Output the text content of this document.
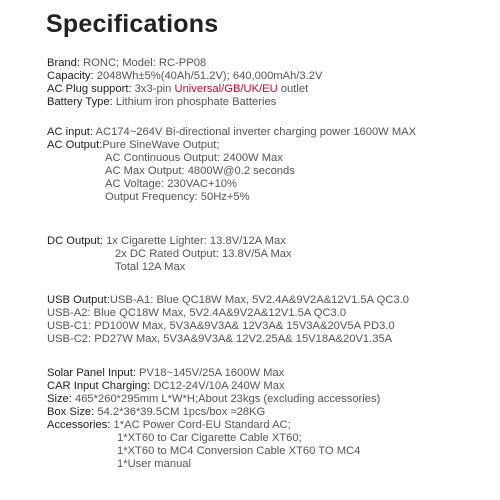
Specifications
Brand: RONC; Model: RC-PP08
Capacity: 2048Wh±5%(40Ah/51.2V); 640,000mAh/3.2V
AC Plug support: 3x3-pin Universal/GB/UK/EU outlet
Battery Type: Lithium iron phosphate Batteries
AC input: AC174~264V Bi-directional inverter charging power 1600W MAX
AC Output:Pure SineWave Output;
AC Continuous Output: 2400W Max
AC Max Output: 4800W@0.2 seconds
AC Voltage: 230VAC+10%
Output Frequency: 50Hz+5%
DC Output: 1x Cigarette Lighter: 13.8V/12A Max
2x DC Rated Output: 13.8V/5A Max
Total 12A Max
USB Output:USB-A1: Blue QC18W Max, 5V2.4A&9V2A&12V1.5A QC3.0
USB-A2: Blue QC18W Max, 5V2.4A&9V2A&12V1.5A QC3.0
USB-C1: PD100W Max, 5V3A&9V3A& 12V3A& 15V3A&20V5A PD3.0
USB-C2: PD27W Max, 5V3A&9V3A& 12V2.25A& 15V18A&20V1.35A
Solar Panel Input: PV18~145V/25A 1600W Max
CAR Input Charging: DC12-24V/10A 240W Max
Size: 465*260*295mm L*W*H;About 23kgs (excluding accessories)
Box Size: 54.2*36*39.5CM 1pcs/box ≈28KG
Accessories: 1*AC Power Cord-EU Standard AC;
1*XT60 to Car Cigarette Cable XT60;
1*XT60 to MC4 Conversion Cable XT60 TO MC4
1*User manual
